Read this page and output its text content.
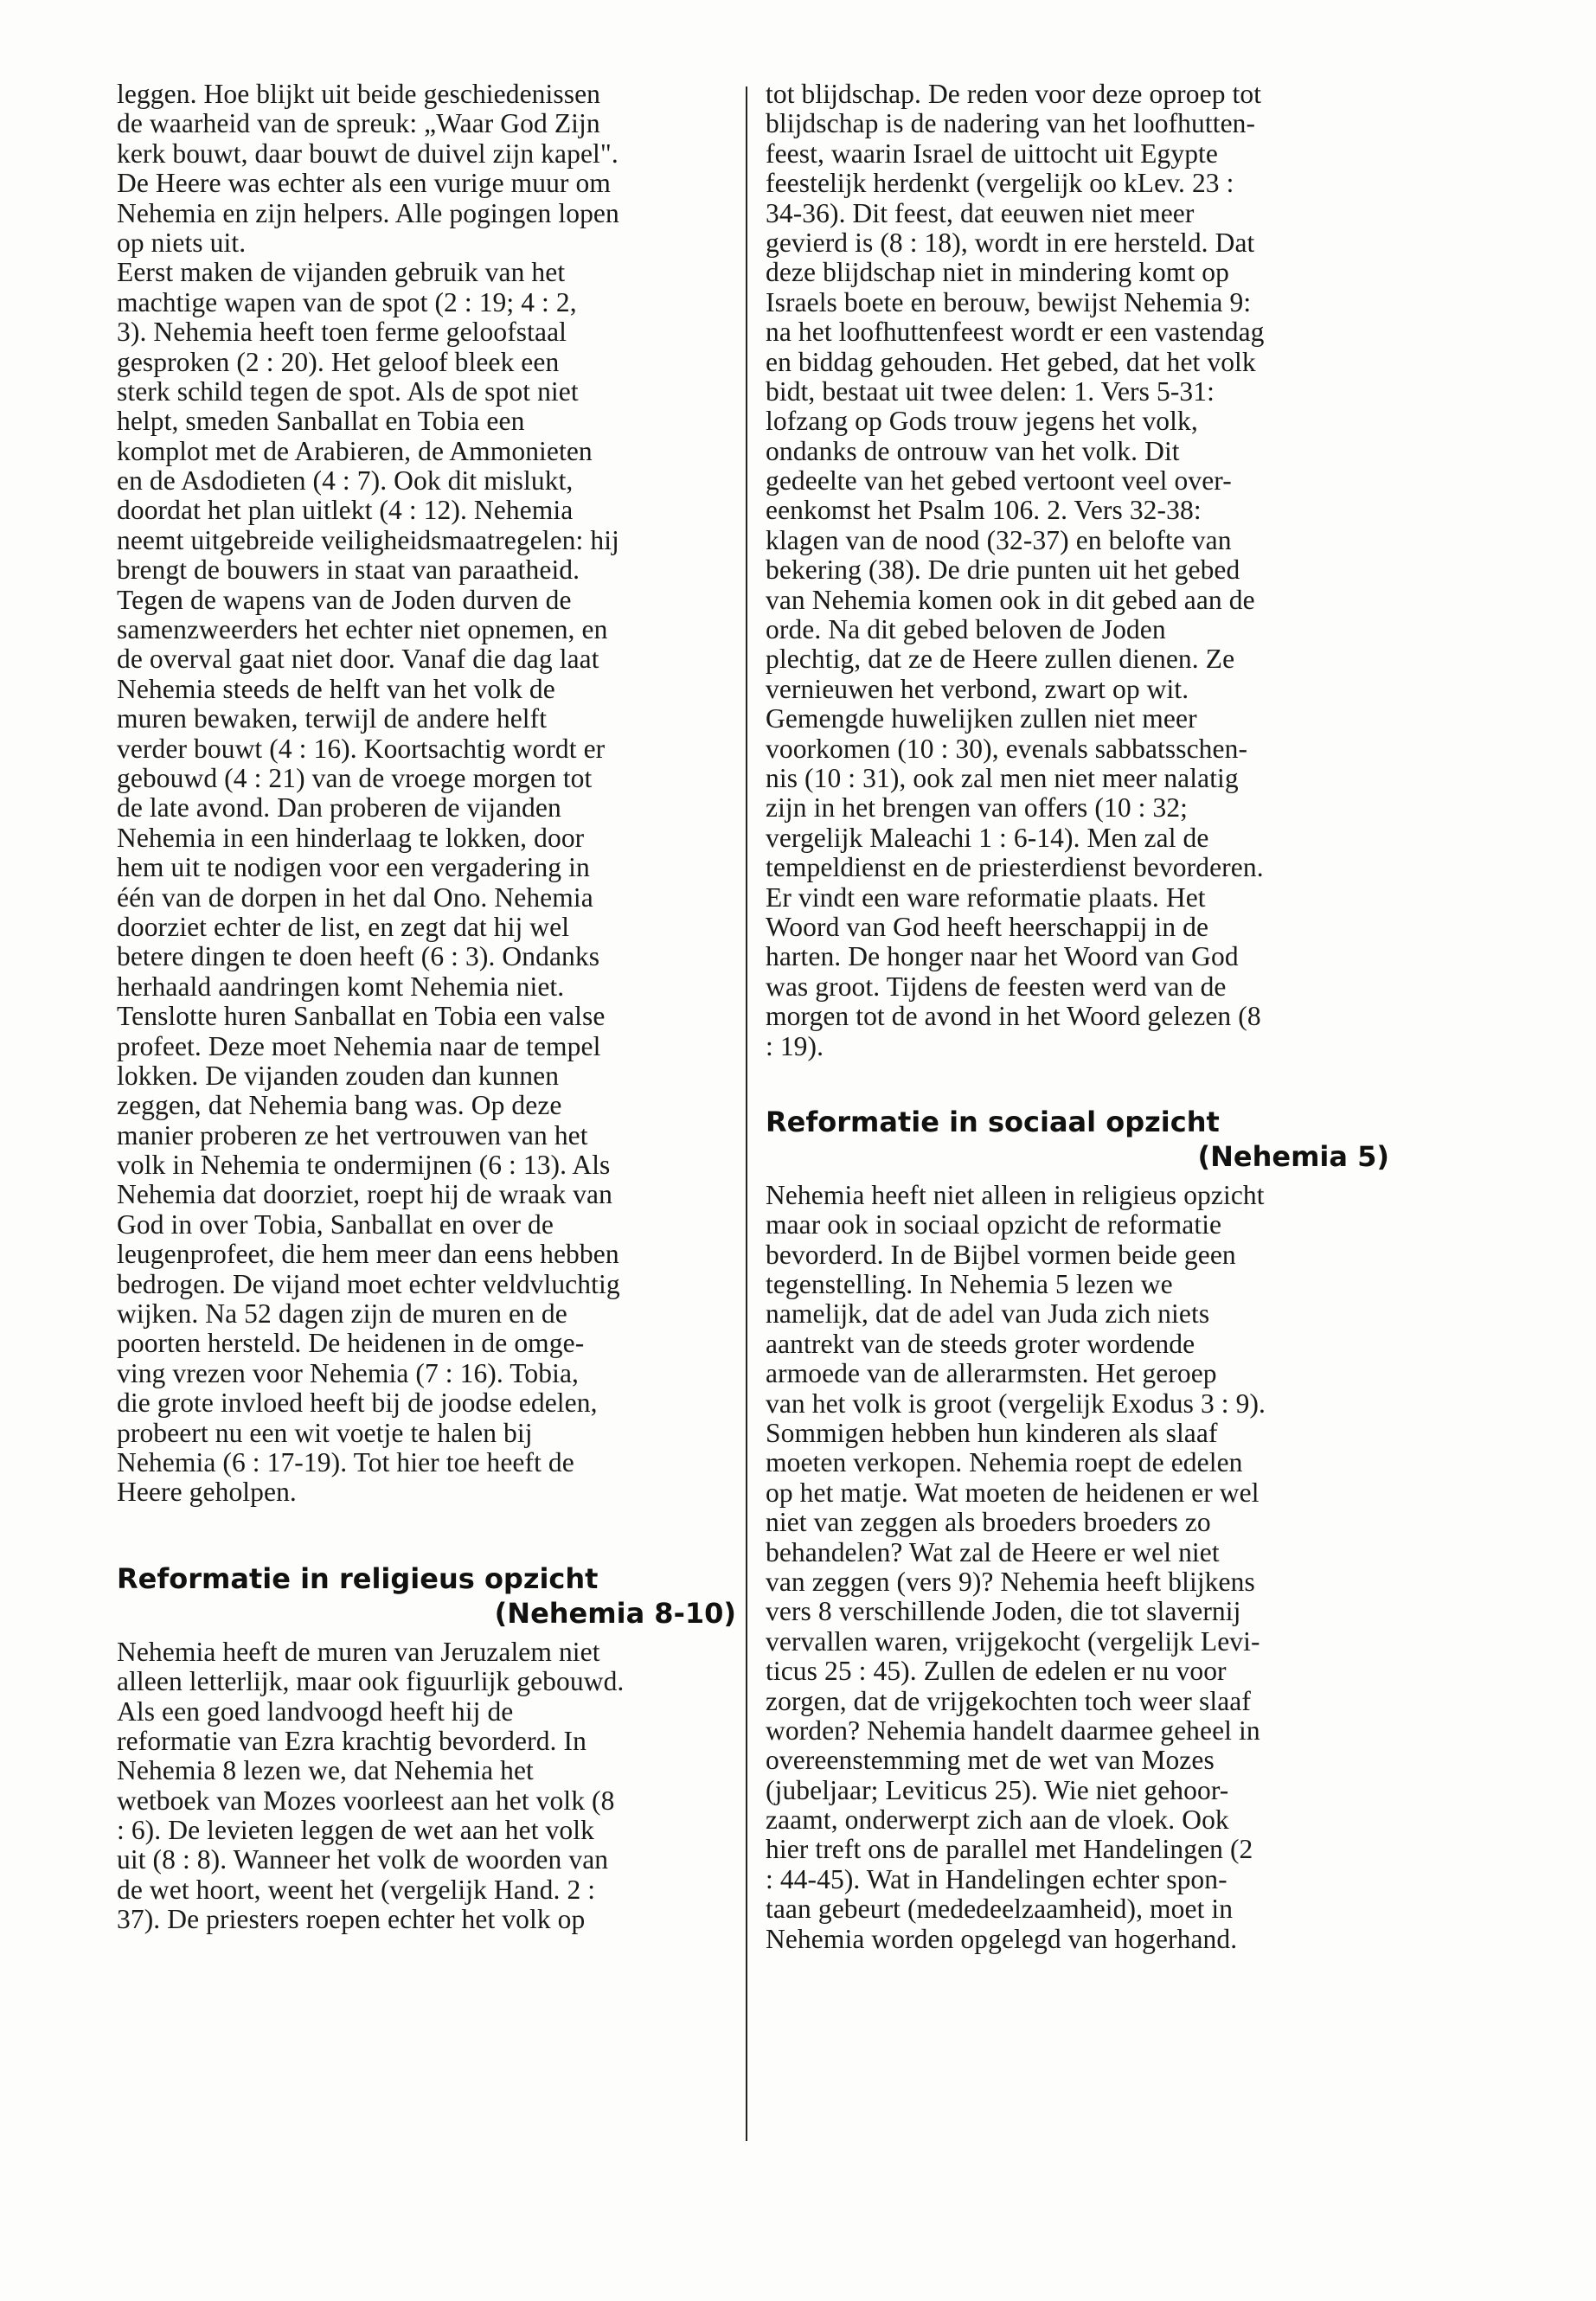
leggen. Hoe blijkt uit beide geschiedenissen
de waarheid van de spreuk: „Waar God Zijn
kerk bouwt, daar bouwt de duivel zijn kapel".
De Heere was echter als een vurige muur om
Nehemia en zijn helpers. Alle pogingen lopen
op niets uit.
Eerst maken de vijanden gebruik van het
machtige wapen van de spot (2 : 19; 4 : 2,
3). Nehemia heeft toen ferme geloofstaal
gesproken (2 : 20). Het geloof bleek een
sterk schild tegen de spot. Als de spot niet
helpt, smeden Sanballat en Tobia een
komplot met de Arabieren, de Ammonieten
en de Asdodieten (4 : 7). Ook dit mislukt,
doordat het plan uitlekt (4 : 12). Nehemia
neemt uitgebreide veiligheidsmaatregelen: hij
brengt de bouwers in staat van paraatheid.
Tegen de wapens van de Joden durven de
samenzweerders het echter niet opnemen, en
de overval gaat niet door. Vanaf die dag laat
Nehemia steeds de helft van het volk de
muren bewaken, terwijl de andere helft
verder bouwt (4 : 16). Koortsachtig wordt er
gebouwd (4 : 21) van de vroege morgen tot
de late avond. Dan proberen de vijanden
Nehemia in een hinderlaag te lokken, door
hem uit te nodigen voor een vergadering in
één van de dorpen in het dal Ono. Nehemia
doorziet echter de list, en zegt dat hij wel
betere dingen te doen heeft (6 : 3). Ondanks
herhaald aandringen komt Nehemia niet.
Tenslotte huren Sanballat en Tobia een valse
profeet. Deze moet Nehemia naar de tempel
lokken. De vijanden zouden dan kunnen
zeggen, dat Nehemia bang was. Op deze
manier proberen ze het vertrouwen van het
volk in Nehemia te ondermijnen (6 : 13). Als
Nehemia dat doorziet, roept hij de wraak van
God in over Tobia, Sanballat en over de
leugenprofeet, die hem meer dan eens hebben
bedrogen. De vijand moet echter veldvluchtig
wijken. Na 52 dagen zijn de muren en de
poorten hersteld. De heidenen in de omge-
ving vrezen voor Nehemia (7 : 16). Tobia,
die grote invloed heeft bij de joodse edelen,
probeert nu een wit voetje te halen bij
Nehemia (6 : 17-19). Tot hier toe heeft de
Heere geholpen.
Reformatie in religieus opzicht
(Nehemia 8-10)
Nehemia heeft de muren van Jeruzalem niet
alleen letterlijk, maar ook figuurlijk gebouwd.
Als een goed landvoogd heeft hij de
reformatie van Ezra krachtig bevorderd. In
Nehemia 8 lezen we, dat Nehemia het
wetboek van Mozes voorleest aan het volk (8
: 6). De levieten leggen de wet aan het volk
uit (8 : 8). Wanneer het volk de woorden van
de wet hoort, weent het (vergelijk Hand. 2 :
37). De priesters roepen echter het volk op
tot blijdschap. De reden voor deze oproep tot
blijdschap is de nadering van het loofhutten-
feest, waarin Israel de uittocht uit Egypte
feestelijk herdenkt (vergelijk oo kLev. 23 :
34-36). Dit feest, dat eeuwen niet meer
gevierd is (8 : 18), wordt in ere hersteld. Dat
deze blijdschap niet in mindering komt op
Israels boete en berouw, bewijst Nehemia 9:
na het loofhuttenfeest wordt er een vastendag
en biddag gehouden. Het gebed, dat het volk
bidt, bestaat uit twee delen: 1. Vers 5-31:
lofzang op Gods trouw jegens het volk,
ondanks de ontrouw van het volk. Dit
gedeelte van het gebed vertoont veel over-
eenkomst het Psalm 106. 2. Vers 32-38:
klagen van de nood (32-37) en belofte van
bekering (38). De drie punten uit het gebed
van Nehemia komen ook in dit gebed aan de
orde. Na dit gebed beloven de Joden
plechtig, dat ze de Heere zullen dienen. Ze
vernieuwen het verbond, zwart op wit.
Gemengde huwelijken zullen niet meer
voorkomen (10 : 30), evenals sabbatsschen-
nis (10 : 31), ook zal men niet meer nalatig
zijn in het brengen van offers (10 : 32;
vergelijk Maleachi 1 : 6-14). Men zal de
tempeldienst en de priesterdienst bevorderen.
Er vindt een ware reformatie plaats. Het
Woord van God heeft heerschappij in de
harten. De honger naar het Woord van God
was groot. Tijdens de feesten werd van de
morgen tot de avond in het Woord gelezen (8
: 19).
Reformatie in sociaal opzicht
(Nehemia 5)
Nehemia heeft niet alleen in religieus opzicht
maar ook in sociaal opzicht de reformatie
bevorderd. In de Bijbel vormen beide geen
tegenstelling. In Nehemia 5 lezen we
namelijk, dat de adel van Juda zich niets
aantrekt van de steeds groter wordende
armoede van de allerarmsten. Het geroep
van het volk is groot (vergelijk Exodus 3 : 9).
Sommigen hebben hun kinderen als slaaf
moeten verkopen. Nehemia roept de edelen
op het matje. Wat moeten de heidenen er wel
niet van zeggen als broeders broeders zo
behandelen? Wat zal de Heere er wel niet
van zeggen (vers 9)? Nehemia heeft blijkens
vers 8 verschillende Joden, die tot slavernij
vervallen waren, vrijgekocht (vergelijk Levi-
ticus 25 : 45). Zullen de edelen er nu voor
zorgen, dat de vrijgekochten toch weer slaaf
worden? Nehemia handelt daarmee geheel in
overeenstemming met de wet van Mozes
(jubeljaar; Leviticus 25). Wie niet gehoor-
zaamt, onderwerpt zich aan de vloek. Ook
hier treft ons de parallel met Handelingen (2
: 44-45). Wat in Handelingen echter spon-
taan gebeurt (mededeelzaamheid), moet in
Nehemia worden opgelegd van hogerhand.
